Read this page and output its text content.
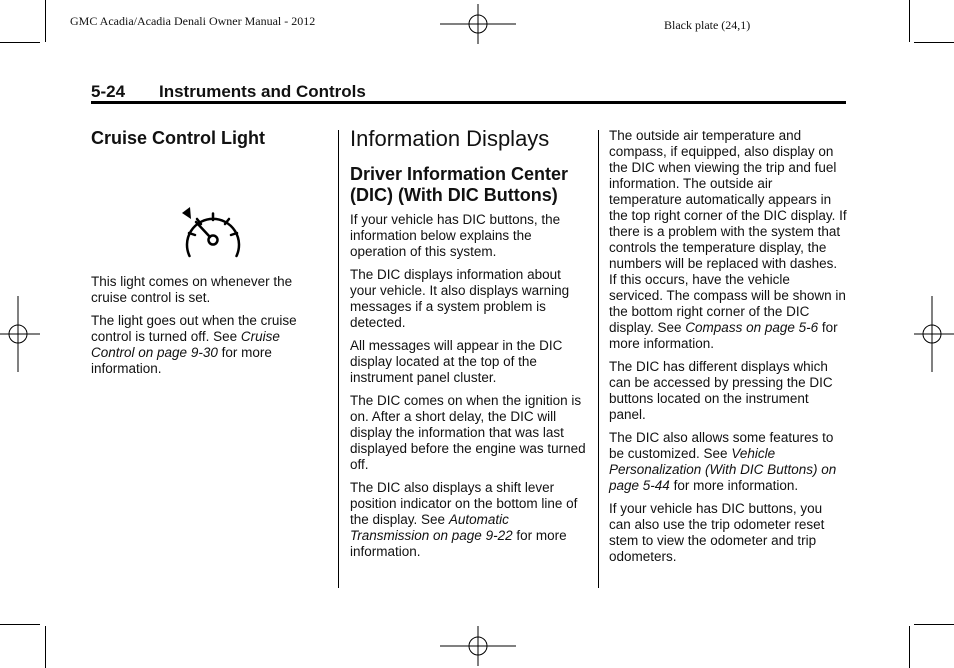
GMC Acadia/Acadia Denali Owner Manual - 2012	Black plate (24,1)
5-24 Instruments and Controls
Cruise Control Light

This light comes on whenever the cruise control is set.

The light goes out when the cruise control is turned off. See Cruise Control on page 9-30 for more information.

Information Displays
Driver Information Center (DIC) (With DIC Buttons)

If your vehicle has DIC buttons, the information below explains the operation of this system.

The DIC displays information about your vehicle. It also displays warning messages if a system problem is detected.

All messages will appear in the DIC display located at the top of the instrument panel cluster.

The DIC comes on when the ignition is on. After a short delay, the DIC will display the information that was last displayed before the engine was turned off.

The DIC also displays a shift lever position indicator on the bottom line of the display. See Automatic Transmission on page 9-22 for more information.

The outside air temperature and compass, if equipped, also display on the DIC when viewing the trip and fuel information. The outside air temperature automatically appears in the top right corner of the DIC display. If there is a problem with the system that controls the temperature display, the numbers will be replaced with dashes. If this occurs, have the vehicle serviced. The compass will be shown in the bottom right corner of the DIC display. See Compass on page 5-6 for more information.

The DIC has different displays which can be accessed by pressing the DIC buttons located on the instrument panel.

The DIC also allows some features to be customized. See Vehicle Personalization (With DIC Buttons) on page 5-44 for more information.

If your vehicle has DIC buttons, you can also use the trip odometer reset stem to view the odometer and trip odometers.
